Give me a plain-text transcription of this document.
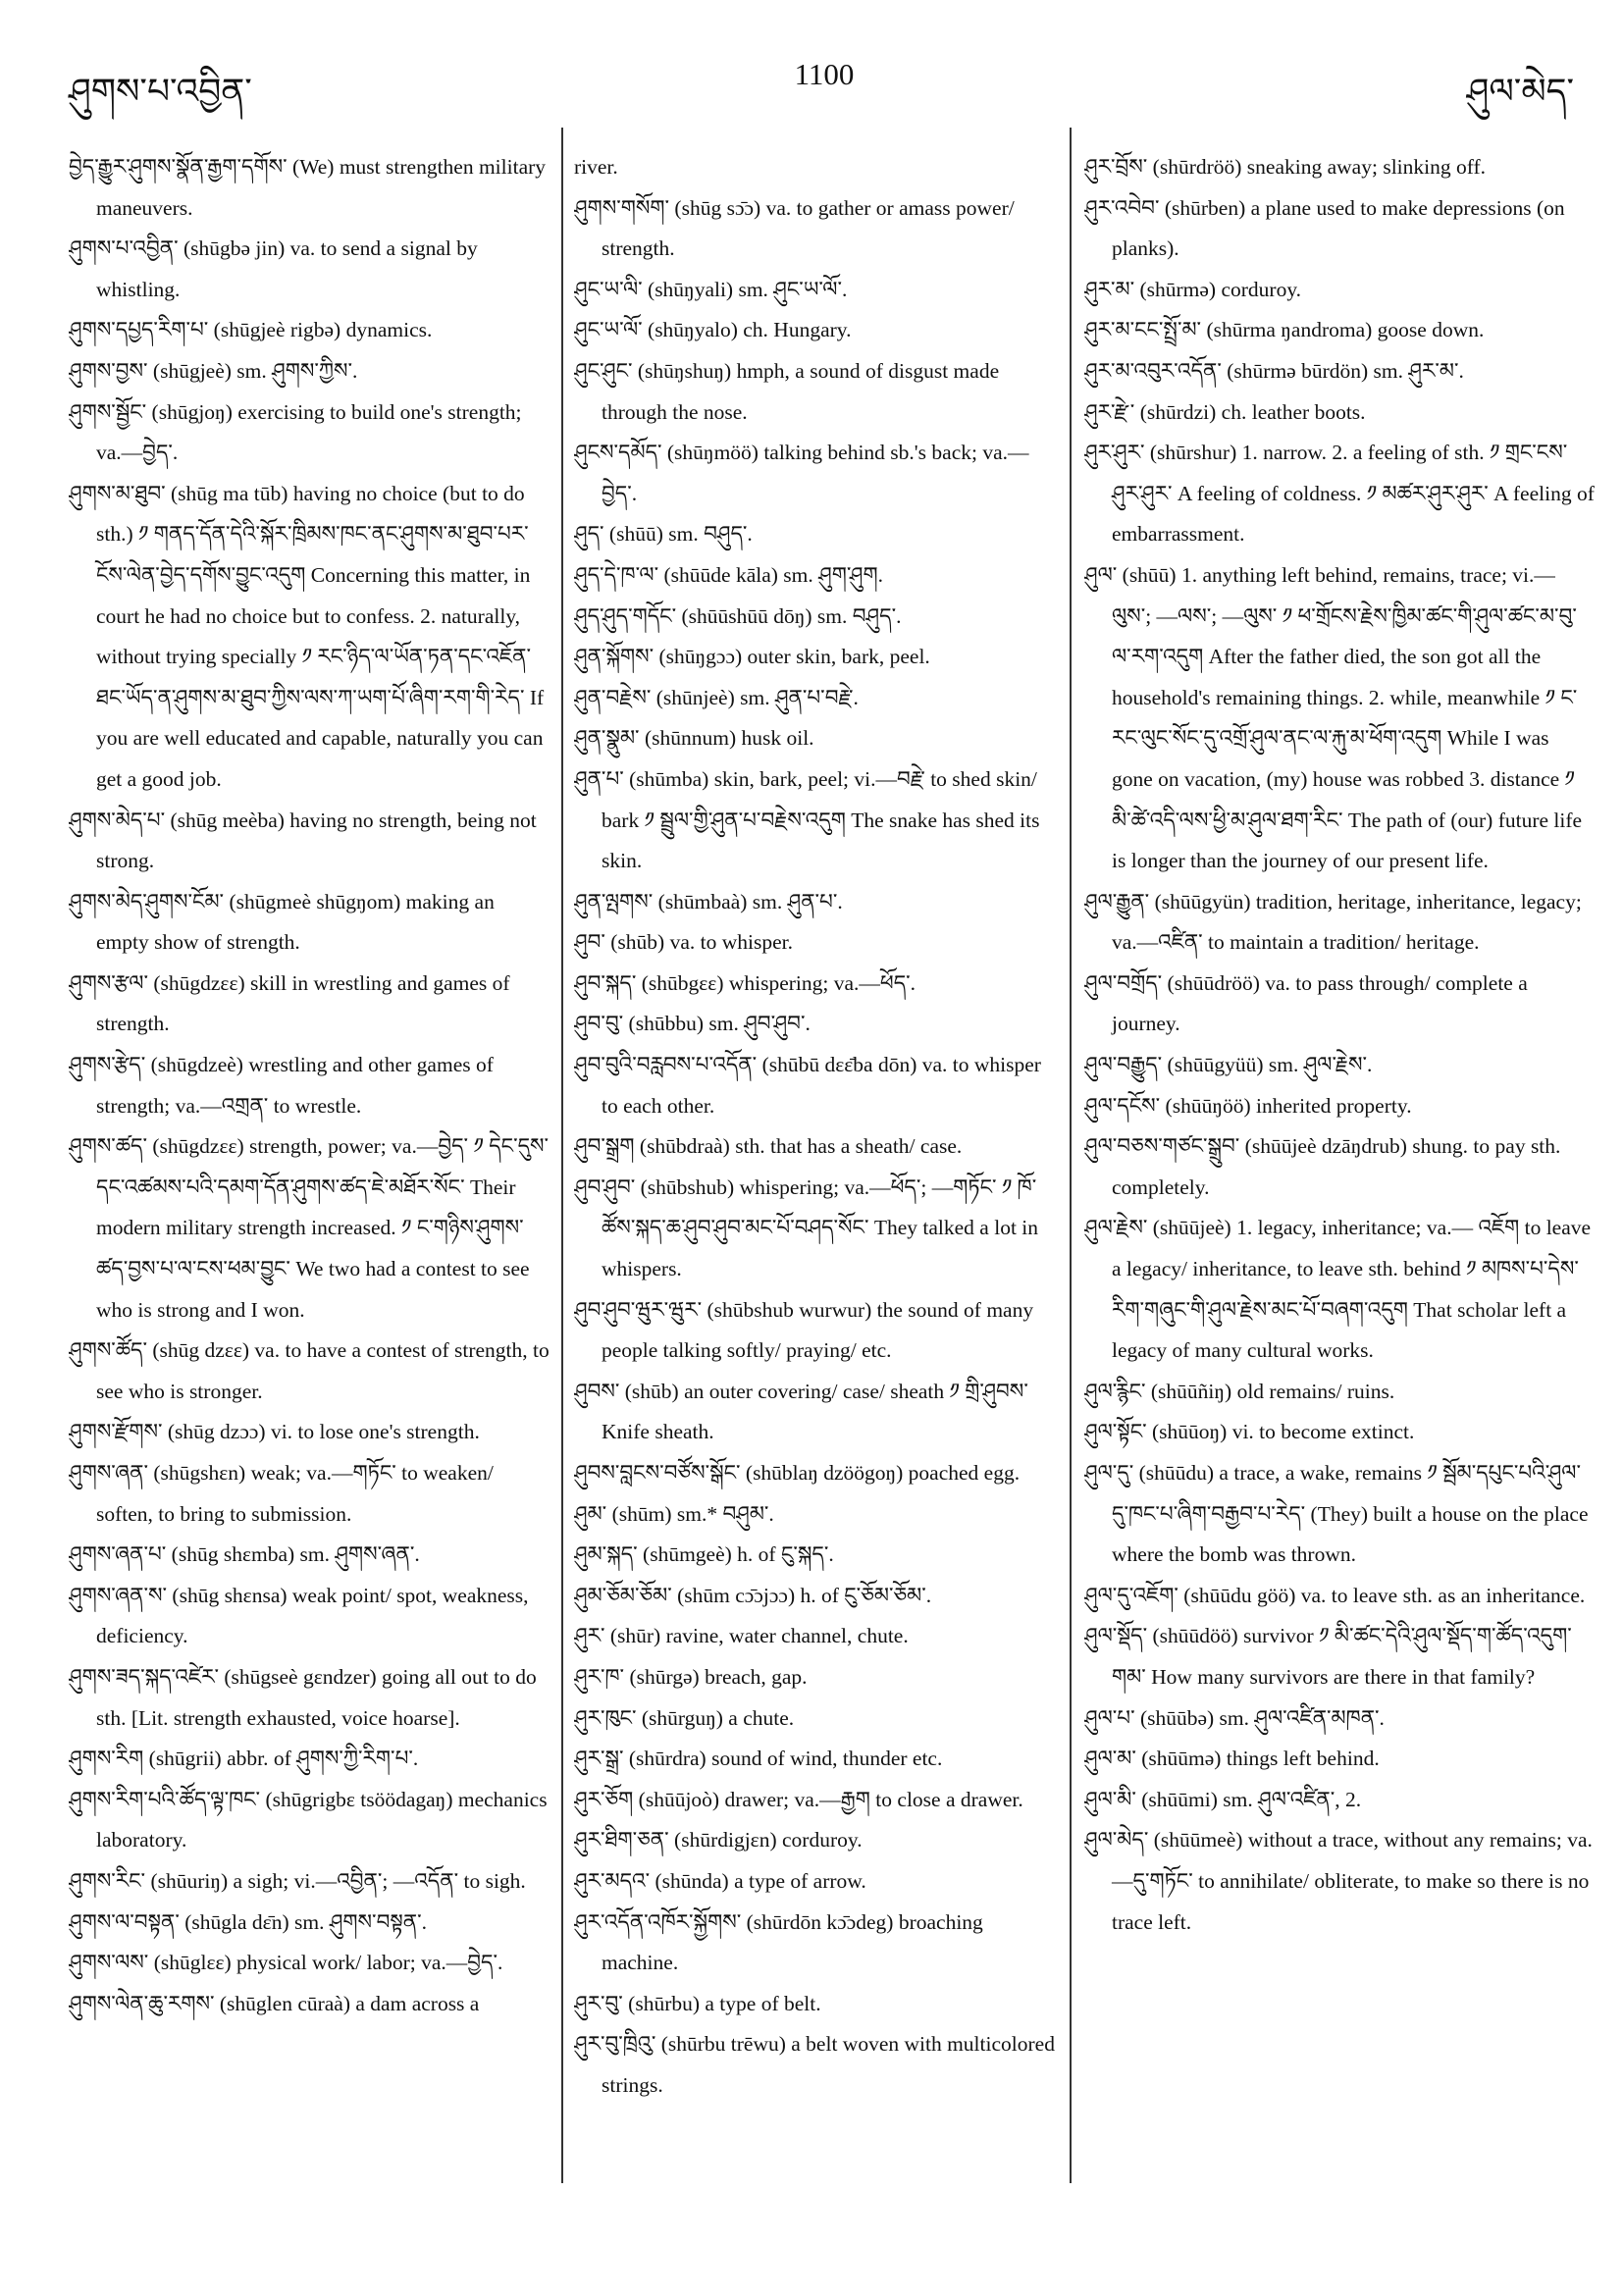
ཤུགས་པ་འབྱིན་	1100	ཤུལ་མེད་

བྱེད་རྒྱུར་ཤུགས་སྣོན་རྒྱག་དགོས་ (We) must strengthen military maneuvers.

ཤུགས་པ་འབྱིན་ (shūgbə jin) va. to send a signal by whistling.

ཤུགས་དཔྱད་རིག་པ་ (shūgjeè rigbə) dynamics.

ཤུགས་བྱས་ (shūgjeè) sm. ཤུགས་ཀྱིས་.

ཤུགས་སྦྱོང་ (shūgjoŋ) exercising to build one's strength; va.—བྱེད་.

ཤུགས་མ་ཐུབ་ (shūg ma tūb) having no choice (but to do sth.) ༡ གནད་དོན་དེའི་སྐོར་ཁྲིམས་ཁང་ནང་ཤུགས་མ་ཐུབ་པར་ངོས་ལེན་བྱེད་དགོས་བྱུང་འདུག Concerning this matter, in court he had no choice but to confess. 2. naturally, without trying specially ༡ རང་ཉིད་ལ་ཡོན་ཏན་དང་འཇོན་ཐང་ཡོད་ན་ཤུགས་མ་ཐུབ་ཀྱིས་ལས་ཀ་ཡག་པོ་ཞིག་རག་གི་རེད་ If you are well educated and capable, naturally you can get a good job.

ཤུགས་མེད་པ་ (shūg meèba) having no strength, being not strong.

ཤུགས་མེད་ཤུགས་ངོམ་ (shūgmeè shūgŋom) making an empty show of strength.

ཤུགས་རྩལ་ (shūgdzɛɛ) skill in wrestling and games of strength.

ཤུགས་རྩེད་ (shūgdzeè) wrestling and other games of strength; va.—འགྲན་ to wrestle.

ཤུགས་ཚད་ (shūgdzɛɛ) strength, power; va.—བྱེད་ ༡ དེང་དུས་དང་འཚམས་པའི་དམག་དོན་ཤུགས་ཚད་ཇེ་མཐོར་སོང་ Their modern military strength increased. ༡ ང་གཉིས་ཤུགས་ཚད་བྱས་པ་ལ་ངས་ཕམ་བྱུང་ We two had a contest to see who is strong and I won.

ཤུགས་ཚོད་ (shūg dzɛɛ) va. to have a contest of strength, to see who is stronger.

ཤུགས་རྫོགས་ (shūg dzɔɔ) vi. to lose one's strength.

ཤུགས་ཞན་ (shūgshɛn) weak; va.—གཏོང་ to weaken/ soften, to bring to submission.

ཤུགས་ཞན་པ་ (shūg shɛmba) sm. ཤུགས་ཞན་.

ཤུགས་ཞན་ས་ (shūg shɛnsa) weak point/ spot, weakness, deficiency.

ཤུགས་ཟད་སྐད་འཛེར་ (shūgseè gɛndzer) going all out to do sth. [Lit. strength exhausted, voice hoarse].

ཤུགས་རིག (shūgrii) abbr. of ཤུགས་ཀྱི་རིག་པ་.

ཤུགས་རིག་པའི་ཚོད་ལྟ་ཁང་ (shūgrigbɛ tsöödagaŋ) mechanics laboratory.

ཤུགས་རིང་ (shūuriŋ) a sigh; vi.—འབྱིན་; —འདོན་ to sigh.

ཤུགས་ལ་བསྟན་ (shūgla dɛ̄n) sm. ཤུགས་བསྟན་.

ཤུགས་ལས་ (shūglɛɛ) physical work/ labor; va.—བྱེད་.

ཤུགས་ལེན་ཆུ་རགས་ (shūglen cūraà) a dam across a

river.

ཤུགས་གསོག་ (shūg sɔ̄ɔ) va. to gather or amass power/ strength.

ཤུང་ཡ་ལི་ (shūŋyali) sm. ཤུང་ཡ་ལོ་.

ཤུང་ཡ་ལོ་ (shūŋyalo) ch. Hungary.

ཤུང་ཤུང་ (shūŋshuŋ) hmph, a sound of disgust made through the nose.

ཤུངས་དམོད་ (shūŋmöö) talking behind sb.'s back; va.—བྱེད་.

ཤུད་ (shūū) sm. བཤུད་.

ཤུད་དེ་ཁ་ལ་ (shūūde kāla) sm. ཤུག་ཤུག.

ཤུད་ཤུད་གདོང་ (shūūshūū dōŋ) sm. བཤུད་.

ཤུན་སྐོགས་ (shūŋgɔɔ) outer skin, bark, peel.

ཤུན་བརྗེས་ (shūnjeè) sm. ཤུན་པ་བརྗེ་.

ཤུན་སྣུམ་ (shūnnum) husk oil.

ཤུན་པ་ (shūmba) skin, bark, peel; vi.—བརྗེ་ to shed skin/ bark ༡ སྦྲུལ་གྱི་ཤུན་པ་བརྗེས་འདུག The snake has shed its skin.

ཤུན་ལྤགས་ (shūmbaà) sm. ཤུན་པ་.

ཤུབ་ (shūb) va. to whisper.

ཤུབ་སྐད་ (shūbgɛɛ) whispering; va.—ཕོད་.

ཤུབ་བུ་ (shūbbu) sm. ཤུབ་ཤུབ་.

ཤུབ་བུའི་བརླབས་པ་འདོན་ (shūbū dɛɛ̄ba dōn) va. to whisper to each other.

ཤུབ་སྒྲག (shūbdraà) sth. that has a sheath/ case.

ཤུབ་ཤུབ་ (shūbshub) whispering; va.—ཕོད་; —གཏོང་ ༡ ཁོ་ཚོས་སྐད་ཆ་ཤུབ་ཤུབ་མང་པོ་བཤད་སོང་ They talked a lot in whispers.

ཤུབ་ཤུབ་ཝུར་ཝུར་ (shūbshub wurwur) the sound of many people talking softly/ praying/ etc.

ཤུབས་ (shūb) an outer covering/ case/ sheath ༡ གྲི་ཤུབས་ Knife sheath.

ཤུབས་བླངས་བཙོས་སྒོང་ (shūblaŋ dzöögoŋ) poached egg.

ཤུམ་ (shūm) sm.* བཤུམ་.

ཤུམ་སྐད་ (shūmgeè) h. of ངུ་སྐད་.

ཤུམ་ཅོམ་ཅོམ་ (shūm cɔ̄ɔjɔɔ) h. of ངུ་ཅོམ་ཅོམ་.

ཤུར་ (shūr) ravine, water channel, chute.

ཤུར་ཁ་ (shūrgə) breach, gap.

ཤུར་ཁུང་ (shūrguŋ) a chute.

ཤུར་སྒྲ་ (shūrdra) sound of wind, thunder etc.

ཤུར་ཅོག (shūūjoò) drawer; va.—རྒྱག to close a drawer.

ཤུར་ཐིག་ཅན་ (shūrdigjɛn) corduroy.

ཤུར་མདའ་ (shūnda) a type of arrow.

ཤུར་འདོན་འཁོར་སྐྱོགས་ (shūrdōn kɔ̄ɔdeg) broaching machine.

ཤུར་བུ་ (shūrbu) a type of belt.

ཤུར་བུ་ཁྲིའུ་ (shūrbu trēwu) a belt woven with multicolored strings.

ཤུར་བྲོས་ (shūrdröö) sneaking away; slinking off.

ཤུར་འབེབ་ (shūrben) a plane used to make depressions (on planks).

ཤུར་མ་ (shūrmə) corduroy.

ཤུར་མ་ངང་སྤྲོ་མ་ (shūrma ŋandroma) goose down.

ཤུར་མ་འབུར་འདོན་ (shūrmə būrdön) sm. ཤུར་མ་.

ཤུར་རྫེ་ (shūrdzi) ch. leather boots.

ཤུར་ཤུར་ (shūrshur) 1. narrow. 2. a feeling of sth. ༡ གྲང་ངས་ཤུར་ཤུར་ A feeling of coldness. ༡ མཚར་ཤུར་ཤུར་ A feeling of embarrassment.

ཤུལ་ (shūū) 1. anything left behind, remains, trace; vi.—ལུས་; —ལས་; —ལུས་ ༡ ཕ་གྲོངས་རྗེས་ཁྱིམ་ཚང་གི་ཤུལ་ཚང་མ་བུ་ལ་རག་འདུག After the father died, the son got all the household's remaining things. 2. while, meanwhile ༡ ང་རང་ལུང་སོང་དུ་འགྲོ་ཤུལ་ནང་ལ་རྐུ་མ་ཕོག་འདུག While I was gone on vacation, (my) house was robbed 3. distance ༡ མི་ཚེ་འདི་ལས་ཕྱི་མ་ཤུལ་ཐག་རིང་ The path of (our) future life is longer than the journey of our present life.

ཤུལ་རྒྱུན་ (shūūgyün) tradition, heritage, inheritance, legacy; va.—འཛིན་ to maintain a tradition/ heritage.

ཤུལ་བགྲོད་ (shūūdröö) va. to pass through/ complete a journey.

ཤུལ་བརྒྱུད་ (shūūgyüü) sm. ཤུལ་རྗེས་.

ཤུལ་དངོས་ (shūūŋöö) inherited property.

ཤུལ་བཅས་གཙང་སྒྲུབ་ (shūūjeè dzāŋdrub) shung. to pay sth. completely.

ཤུལ་རྗེས་ (shūūjeè) 1. legacy, inheritance; va.— འཇོག to leave a legacy/ inheritance, to leave sth. behind ༡ མཁས་པ་དེས་རིག་གཞུང་གི་ཤུལ་རྗེས་མང་པོ་བཞག་འདུག That scholar left a legacy of many cultural works.

ཤུལ་རྙིང་ (shūūñiŋ) old remains/ ruins.

ཤུལ་སྟོང་ (shūūoŋ) vi. to become extinct.

ཤུལ་དུ་ (shūūdu) a trace, a wake, remains ༡ སྦོམ་དཔུང་པའི་ཤུལ་དུ་ཁང་པ་ཞིག་བརྒྱབ་པ་རེད་ (They) built a house on the place where the bomb was thrown.

ཤུལ་དུ་འཇོག་ (shūūdu göö) va. to leave sth. as an inheritance.

ཤུལ་སྡོད་ (shūūdöö) survivor ༡ མི་ཚང་དེའི་ཤུལ་སྡོད་ག་ཚོད་འདུག་གམ་ How many survivors are there in that family?

ཤུལ་པ་ (shūūbə) sm. ཤུལ་འཛིན་མཁན་.

ཤུལ་མ་ (shūūmə) things left behind.

ཤུལ་མི་ (shūūmi) sm. ཤུལ་འཛིན་, 2.

ཤུལ་མེད་ (shūūmeè) without a trace, without any remains; va.—དུ་གཏོང་ to annihilate/ obliterate, to make so there is no trace left.
